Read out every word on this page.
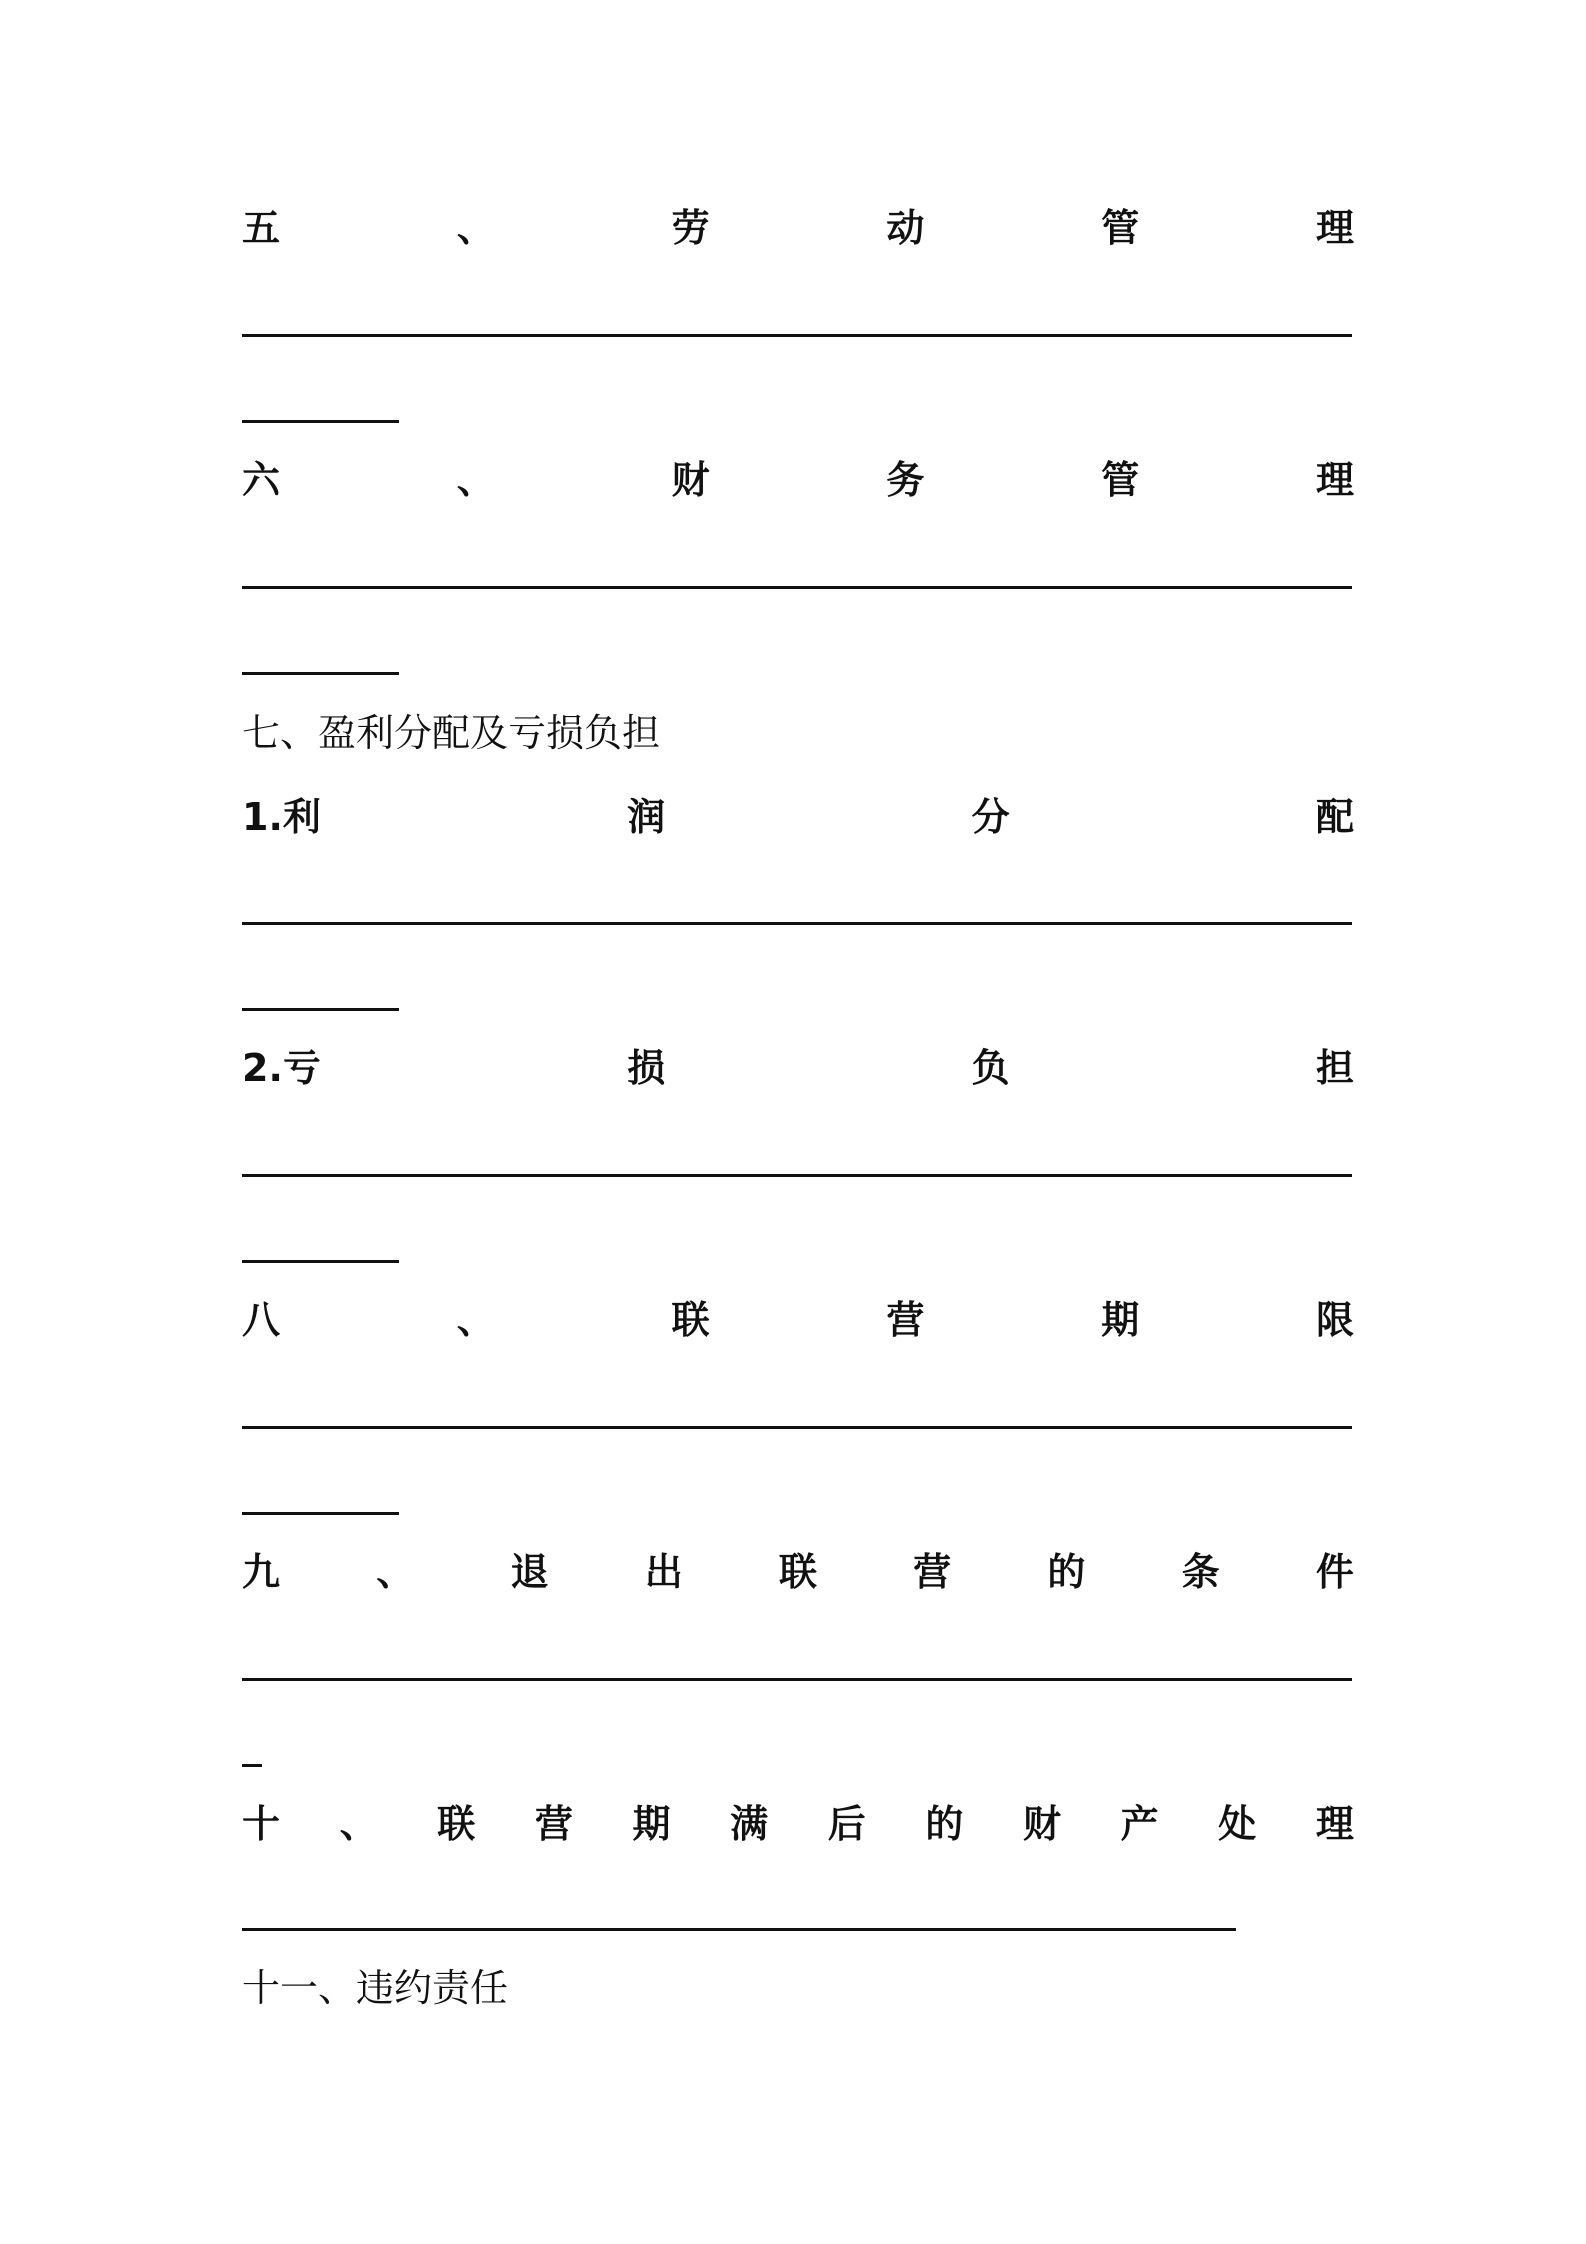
五	、	劳	动	管	理
六	、	财	务	管	理
七、盈利分配及亏损负担
1.利	润	分	配
2.亏	损	负	担
八	、	联	营	期	限
九	、	退	出	联	营	的	条	件
十 、 联 营 期 满 后 的 财 产 处 理
十一、违约责任
